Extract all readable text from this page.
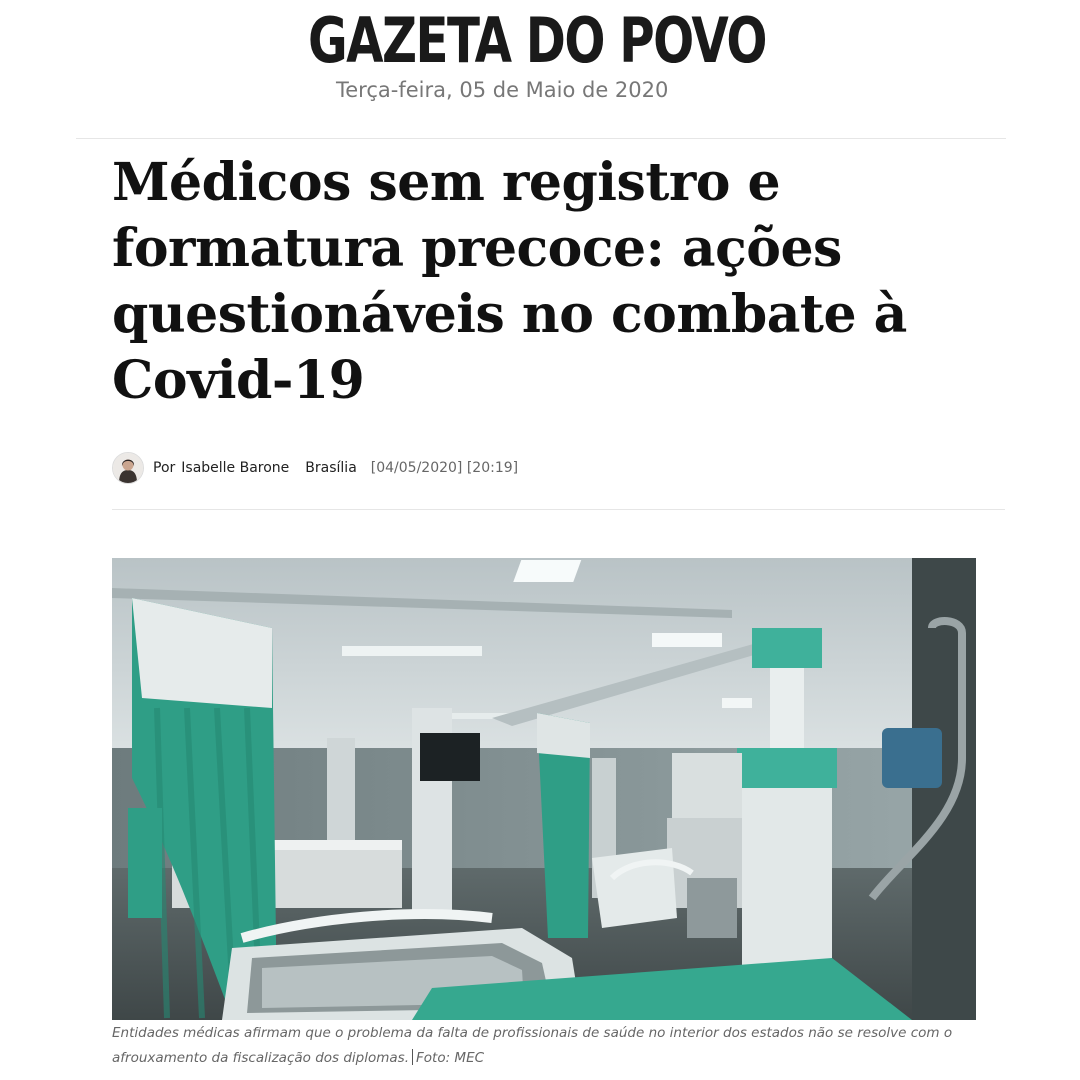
GAZETA DO POVO
Terça-feira, 05 de Maio de 2020
Médicos sem registro e formatura precoce: ações questionáveis no combate à Covid-19
Por Isabelle Barone Brasília [04/05/2020] [20:19]
Entidades médicas afirmam que o problema da falta de profissionais de saúde no interior dos estados não se resolve com o afrouxamento da fiscalização dos diplomas. Foto: MEC
